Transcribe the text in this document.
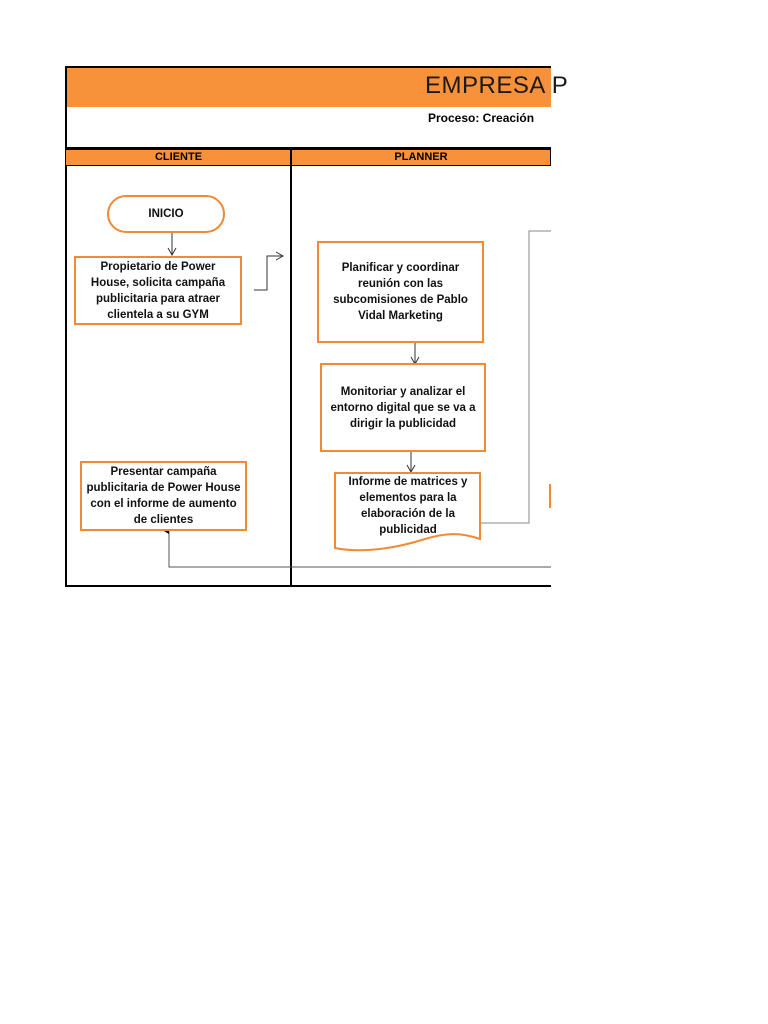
EMPRESA P
Proceso: Creación
CLIENTE	PLANNER
INICIO
Propietario de Power House, solicita campaña publicitaria para atraer clientela a su GYM
Planificar y coordinar reunión con las subcomisiones de Pablo Vidal Marketing
Monitoriar y analizar el entorno digital que se va a dirigir la publicidad
Informe de matrices y elementos para la elaboración de la publicidad
Presentar campaña publicitaria de Power House con el informe de aumento de clientes
